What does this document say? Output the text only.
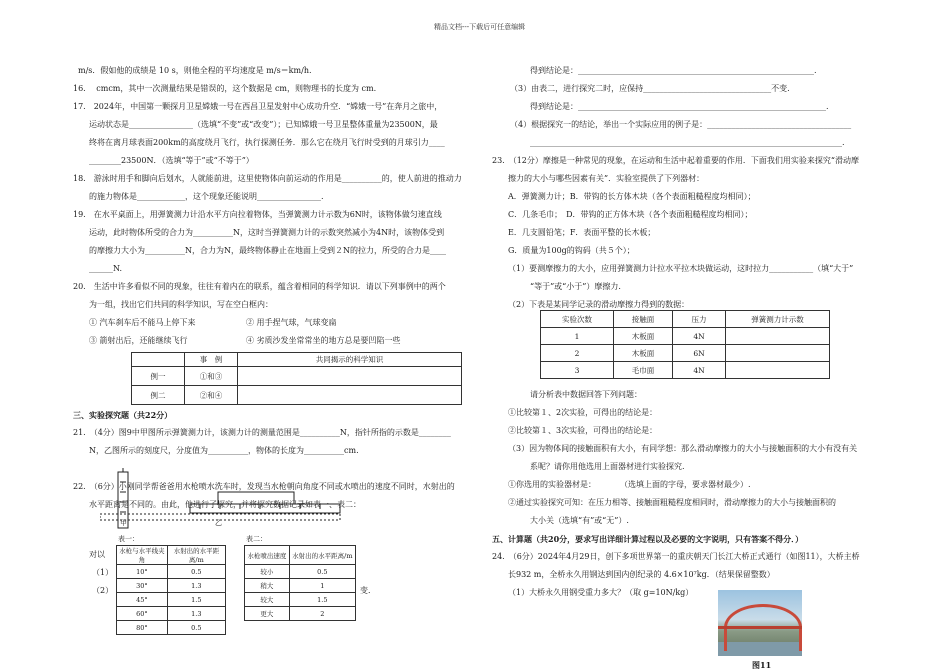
精品文档---下载后可任意编辑
m/s．假如他的成绩是 10 s，则他全程的平均速度是 m/s＝km/h.
16.　 cmcm，其中一次测量结果是错误的，这个数据是 cm，则物理书的长度为 cm.
17.　2024年，中国第一颗探月卫星嫦娥一号在西昌卫星发射中心成功升空．“嫦娥一号”在奔月之旅中，
运动状态是________________（选填“不变”或“改变”）；已知嫦娥一号卫星整体重量为23500N，最
终将在离月球表面200km的高度绕月飞行，执行探测任务．那么它在绕月飞行时受到的月球引力____
________23500N．（选填“等于”或“不等于”）
18.　游泳时用手和脚向后划水，人就能前进，这里使物体向前运动的作用是__________的，使人前进的推动力
的施力物体是____________，这个现象还能说明________________.
19.　在水平桌面上，用弹簧测力计沿水平方向拉着物体，当弹簧测力计示数为6N时，该物体做匀速直线
运动，此时物体所受的合力为__________N，这时当弹簧测力计的示数突然减小为4N时，该物体受到
的摩擦力大小为__________N，合力为N，最终物体静止在地面上受到２N的拉力，所受的合力是____
______N.
20.　生活中许多看似不同的现象，往往有着内在的联系，蕴含着相同的科学知识．请以下列事例中的两个
为一组，找出它们共同的科学知识，写在空白框内：
① 汽车刹车后不能马上停下来	② 用手捏气球，气球变扁
③ 箭射出后，还能继续飞行	④ 劣质沙发坐常常坐的地方总是要凹陷一些
	事　例	共同揭示的科学知识
例一	①和③	
例二	②和④	
三、实验探究题（共22分）
21.　（4分）图9中甲图所示弹簧测力计，该测力计的测量范围是__________N，指针所指的示数是________
N，乙图所示的刻度尺，分度值为__________，物体的长度为__________cm.
22.　（6分）小刚同学帮爸爸用水枪喷水洗车时，发现当水枪朝向角度不同或水喷出的速度不同时，水射出的
水平距离是不同的。由此，他进行了探究，并将探究数据记录如表一、表二：
甲	乙
表一：
水枪与水平线夹角	水射出的水平距离/m
10°	0.5
30°	1.3
45°	1.5
60°	1.3
80°	0.5
表二：
水枪喷出速度	水射出的水平距离/m
较小	0.5
稍大	1
较大	1.5
更大	2
对以
（1）
（2）	变．
得到结论是：___________________________________________________________.
（3）由表二，进行探究二时，应保持________________________________不变.
得到结论是：______________________________________________________________.
（4）根据探究一的结论，举出一个实际应用的例子是：____________________________________
______________________________________________________________________________.
23.　（12分）摩擦是一种常见的现象，在运动和生活中起着重要的作用．下面我们用实验来探究“滑动摩
擦力的大小与哪些因素有关”．实验室提供了下列器材：
A．弹簧测力计；B．带钩的长方体木块（各个表面粗糙程度均相同）；
C．几条毛巾；　D．带钩的正方体木块（各个表面粗糙程度均相同）；
E．几支圆铅笔；F．表面平整的长木板；
G．质量为100g的钩码（共５个）；
（1）要测摩擦力的大小，应用弹簧测力计拉水平拉木块做运动，这时拉力___________（填“大于”
“等于”或“小于”）摩擦力.
（2）下表是某同学记录的滑动摩擦力得到的数据：
实验次数	接触面	压力	弹簧测力计示数
1	木板面	4N	
2	木板面	6N	
3	毛巾面	4N	
请分析表中数据回答下列问题：
①比较第１、2次实验，可得出的结论是：
②比较第１、3次实验，可得出的结论是：
（3）因为物体间的接触面积有大小，有同学想：那么滑动摩擦力的大小与接触面积的大小有没有关
系呢？请你用他选用上面器材进行实验探究.
①你选用的实验器材是：　　　　（选填上面的字母，要求器材最少）.
②通过实验探究可知：在压力相等、接触面粗糙程度相同时，滑动摩擦力的大小与接触面积的
大小关（选填“有”或“无”）.
五、计算题（共20分，要求写出详细计算过程以及必要的文字说明，只有答案不得分．）
24.　（6分）2024年4月29日，创下多项世界第一的重庆朝天门长江大桥正式通行（如图11），大桥主桥
长932 m，全桥永久用钢达到国内创纪录的 4.6×10⁷kg．（结果保留整数）
（1）大桥永久用钢受重力多大？（取 g=10N/kg）
图11
